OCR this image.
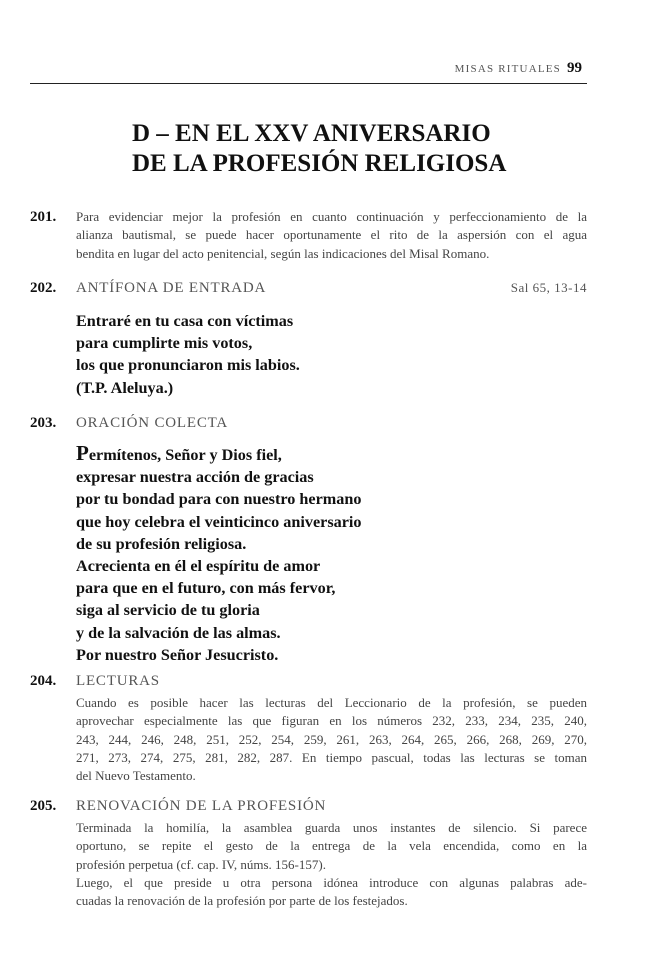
MISAS RITUALES 99
D – EN EL XXV ANIVERSARIO
DE LA PROFESIÓN RELIGIOSA
201. Para evidenciar mejor la profesión en cuanto continuación y perfeccionamiento de la

alianza bautismal, se puede hacer oportunamente el rito de la aspersión con el agua

bendita en lugar del acto penitencial, según las indicaciones del Misal Romano.

202. ANTÍFONA DE ENTRADA	Sal 65, 13-14
Entraré en tu casa con víctimas
para cumplirte mis votos,
los que pronunciaron mis labios.
(T.P. Aleluya.)
203. ORACIÓN COLECTA
Permítenos, Señor y Dios fiel,
expresar nuestra acción de gracias
por tu bondad para con nuestro hermano
que hoy celebra el veinticinco aniversario
de su profesión religiosa.
Acrecienta en él el espíritu de amor
para que en el futuro, con más fervor,
siga al servicio de tu gloria
y de la salvación de las almas.
Por nuestro Señor Jesucristo.
204. LECTURAS

Cuando es posible hacer las lecturas del Leccionario de la profesión, se pueden

aprovechar especialmente las que figuran en los números 232, 233, 234, 235, 240,

243, 244, 246, 248, 251, 252, 254, 259, 261, 263, 264, 265, 266, 268, 269, 270,

271, 273, 274, 275, 281, 282, 287. En tiempo pascual, todas las lecturas se toman

del Nuevo Testamento.

205. RENOVACIÓN DE LA PROFESIÓN

Terminada la homilía, la asamblea guarda unos instantes de silencio. Si parece

oportuno, se repite el gesto de la entrega de la vela encendida, como en la

profesión perpetua (cf. cap. IV, núms. 156-157).

Luego, el que preside u otra persona idónea introduce con algunas palabras ade-

cuadas la renovación de la profesión por parte de los festejados.
